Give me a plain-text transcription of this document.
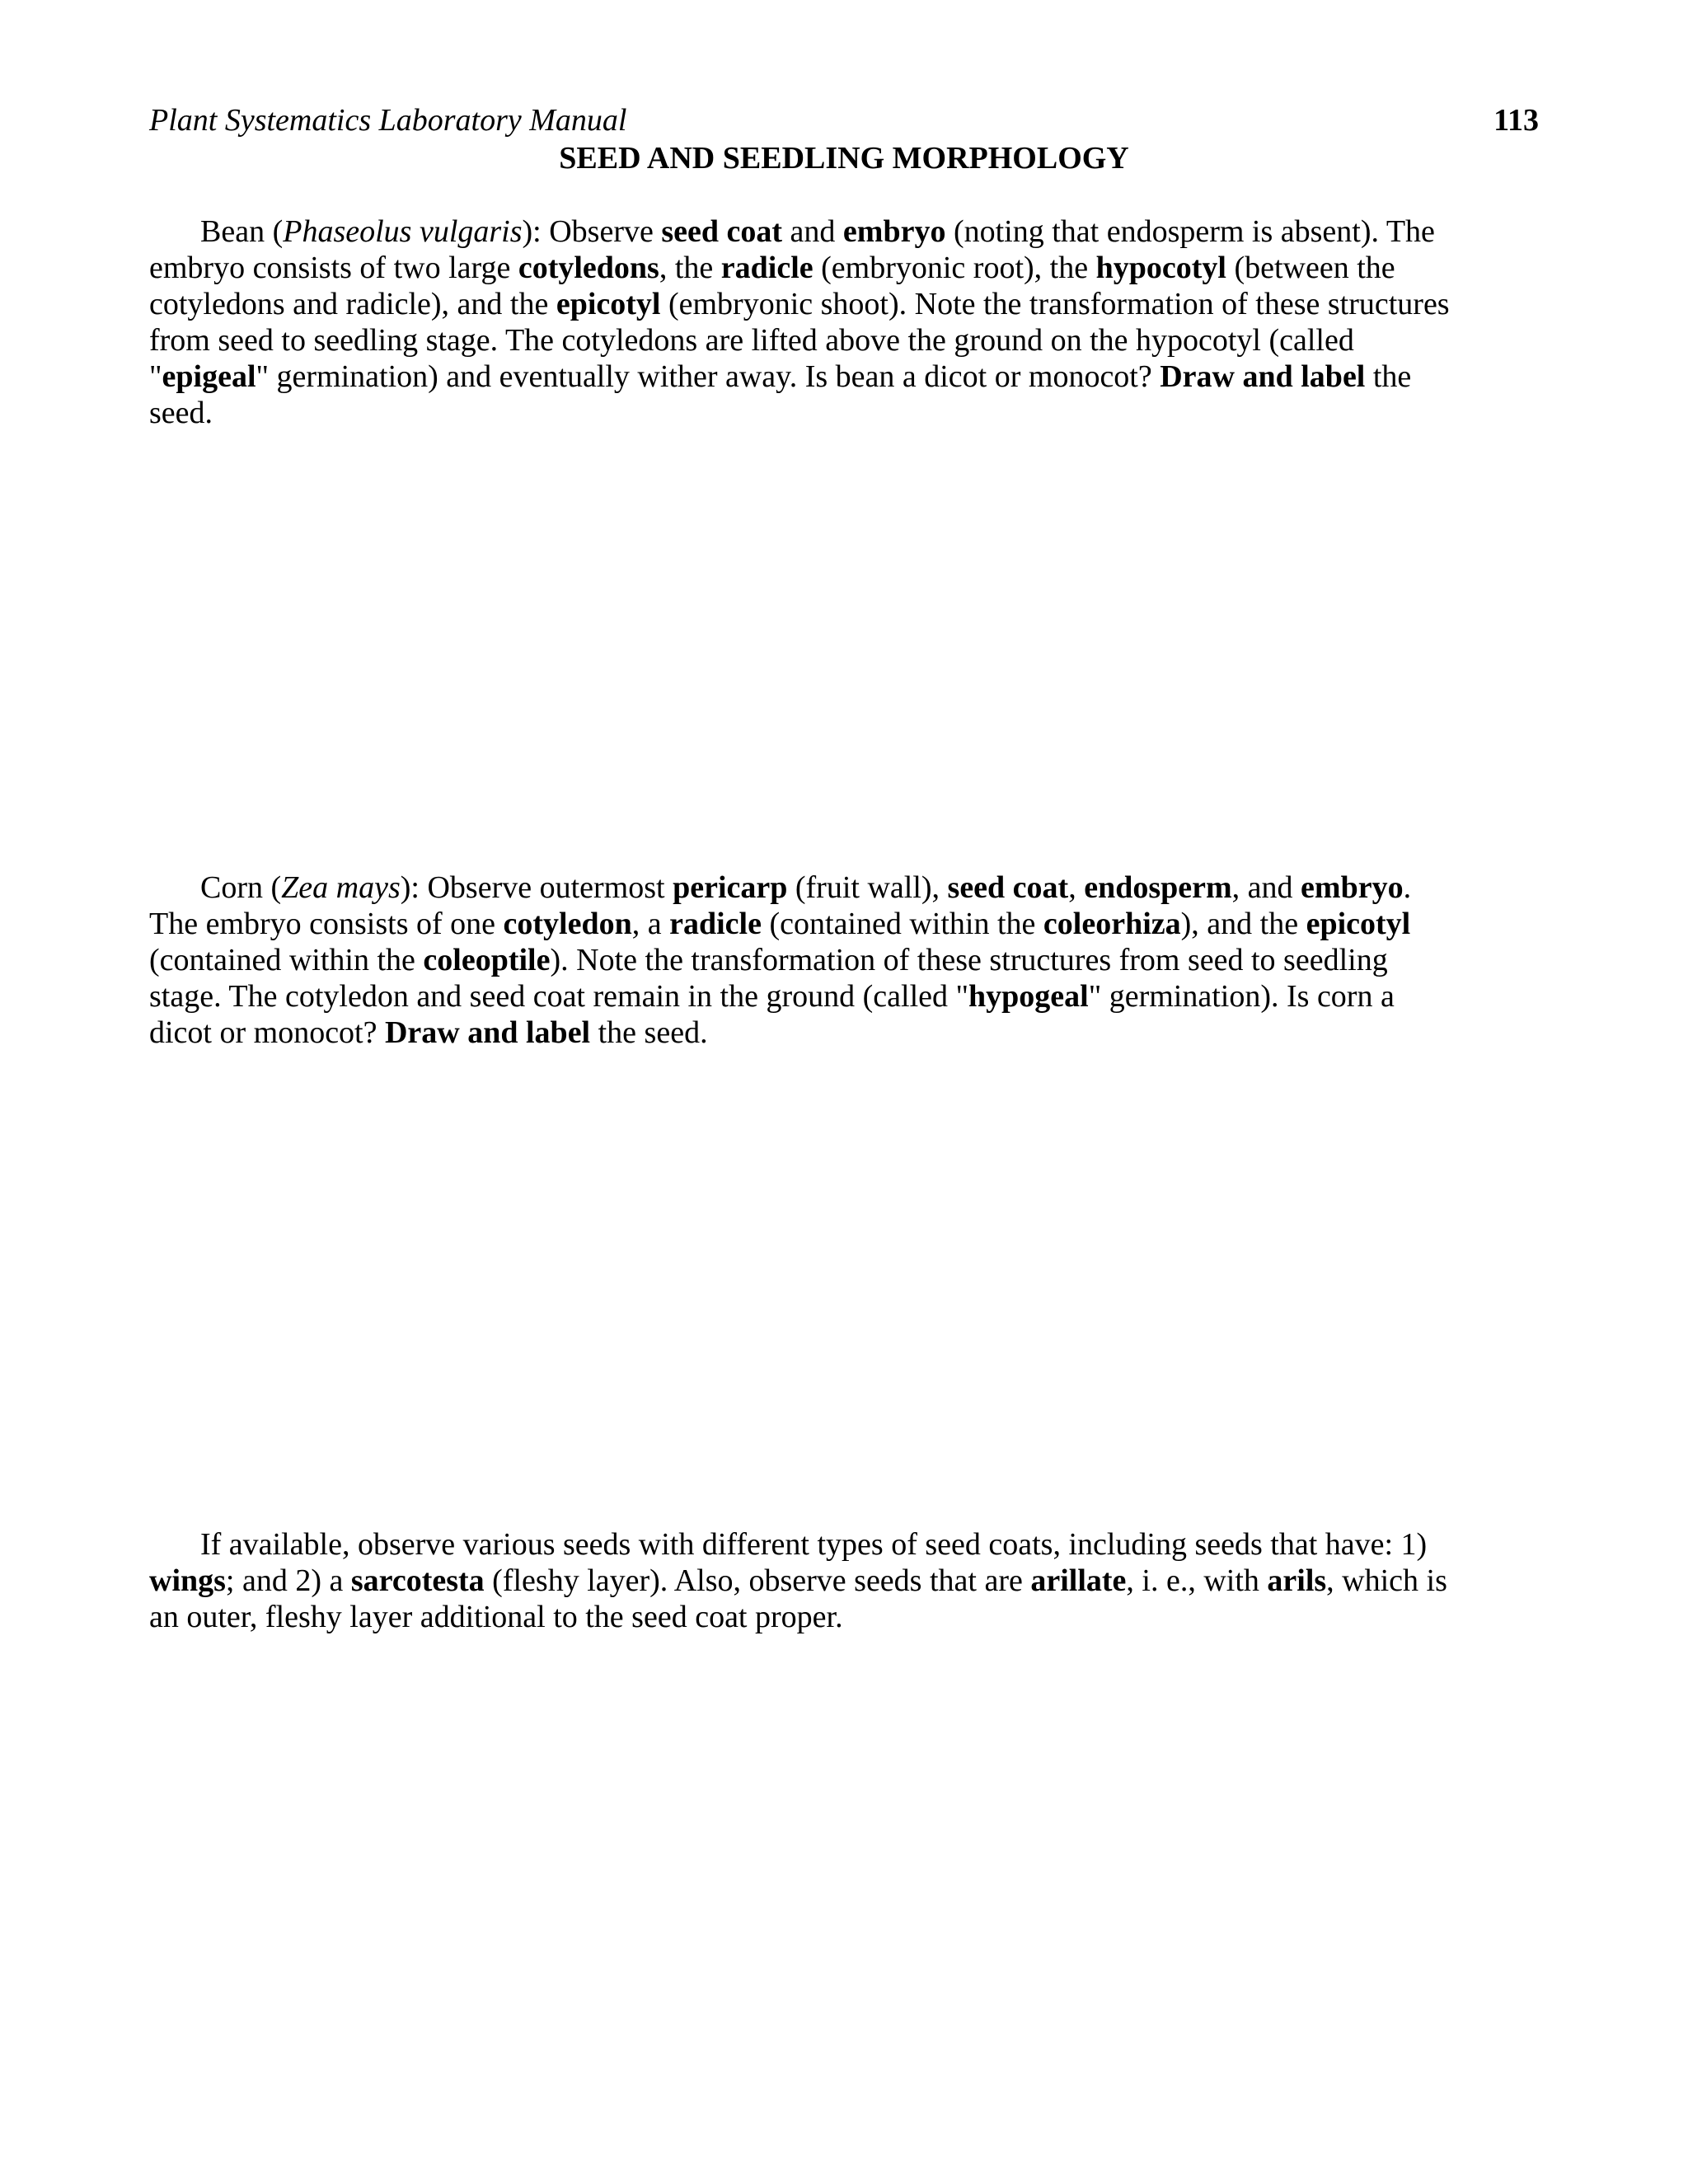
Plant Systematics Laboratory Manual	113
SEED AND SEEDLING MORPHOLOGY

Bean (Phaseolus vulgaris): Observe seed coat and embryo (noting that endosperm is absent). The
embryo consists of two large cotyledons, the radicle (embryonic root), the hypocotyl (between the
cotyledons and radicle), and the epicotyl (embryonic shoot). Note the transformation of these structures
from seed to seedling stage. The cotyledons are lifted above the ground on the hypocotyl (called
"epigeal" germination) and eventually wither away. Is bean a dicot or monocot? Draw and label the
seed.

Corn (Zea mays): Observe outermost pericarp (fruit wall), seed coat, endosperm, and embryo.
The embryo consists of one cotyledon, a radicle (contained within the coleorhiza), and the epicotyl
(contained within the coleoptile). Note the transformation of these structures from seed to seedling
stage. The cotyledon and seed coat remain in the ground (called "hypogeal" germination). Is corn a
dicot or monocot? Draw and label the seed.

If available, observe various seeds with different types of seed coats, including seeds that have: 1)
wings; and 2) a sarcotesta (fleshy layer). Also, observe seeds that are arillate, i. e., with arils, which is
an outer, fleshy layer additional to the seed coat proper.
